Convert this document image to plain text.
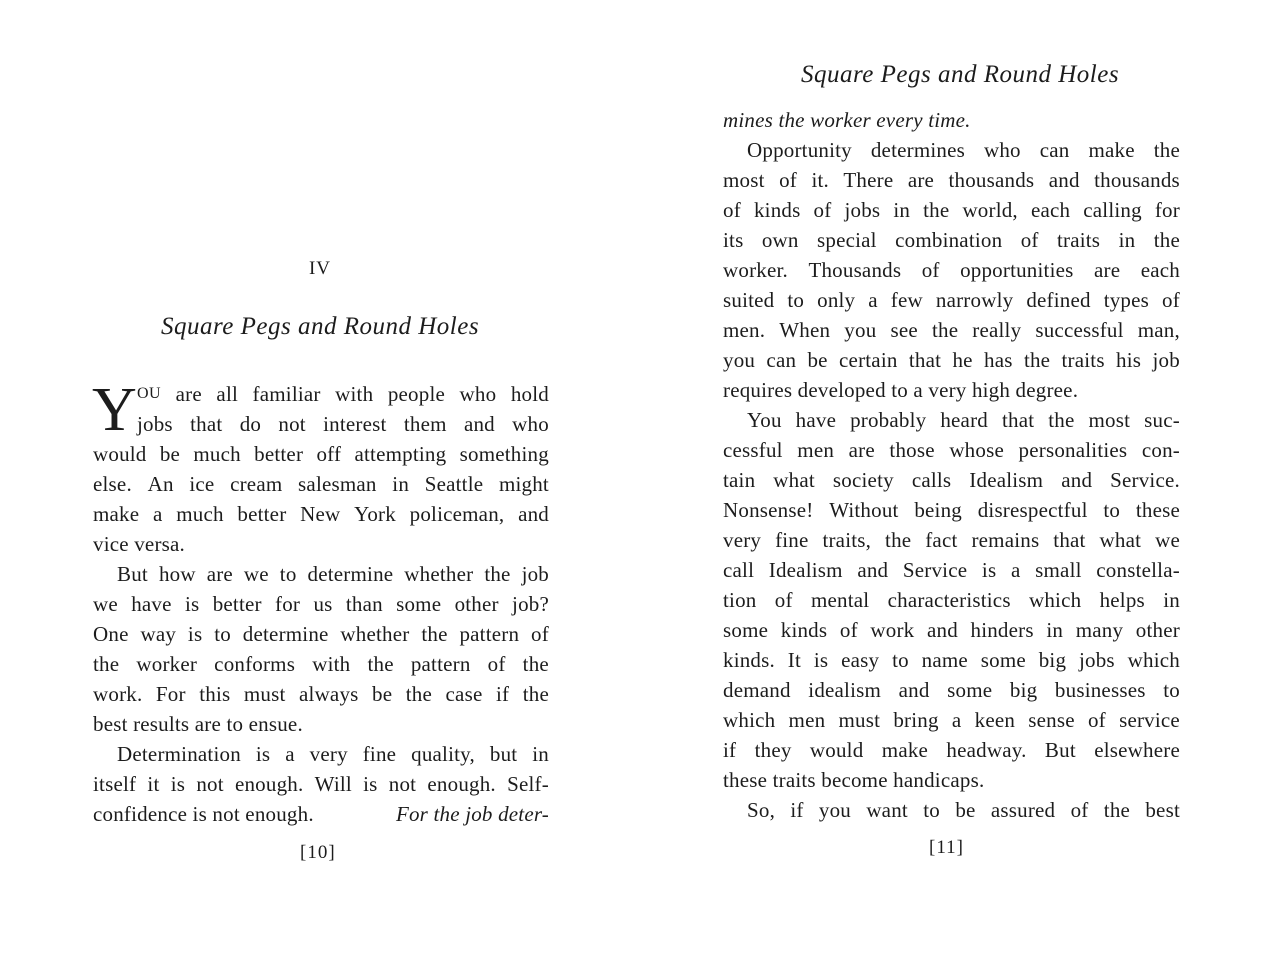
IV
Square Pegs and Round Holes
Y OU are all familiar with people who hold
jobs that do not interest them and who
would be much better off attempting something
else. An ice cream salesman in Seattle might
make a much better New York policeman, and
vice versa.
But how are we to determine whether the job
we have is better for us than some other job?
One way is to determine whether the pattern of
the worker conforms with the pattern of the
work. For this must always be the case if the
best results are to ensue.
Determination is a very fine quality, but in
itself it is not enough. Will is not enough. Self-
confidence is not enough.
	For the job deter-
[10]
Square Pegs and Round Holes
[11]
mines the worker every time.
Opportunity determines who can make the
most of it. There are thousands and thousands
of kinds of jobs in the world, each calling for
its own special combination of traits in the
worker. Thousands of opportunities are each
suited to only a few narrowly defined types of
men. When you see the really successful man,
you can be certain that he has the traits his job
requires developed to a very high degree.
You have probably heard that the most suc-
cessful men are those whose personalities con-
tain what society calls Idealism and Service.
Nonsense! Without being disrespectful to these
very fine traits, the fact remains that what we
call Idealism and Service is a small constella-
tion of mental characteristics which helps in
some kinds of work and hinders in many other
kinds. It is easy to name some big jobs which
demand idealism and some big businesses to
which men must bring a keen sense of service
if they would make headway. But elsewhere
these traits become handicaps.
So, if you want to be assured of the best
